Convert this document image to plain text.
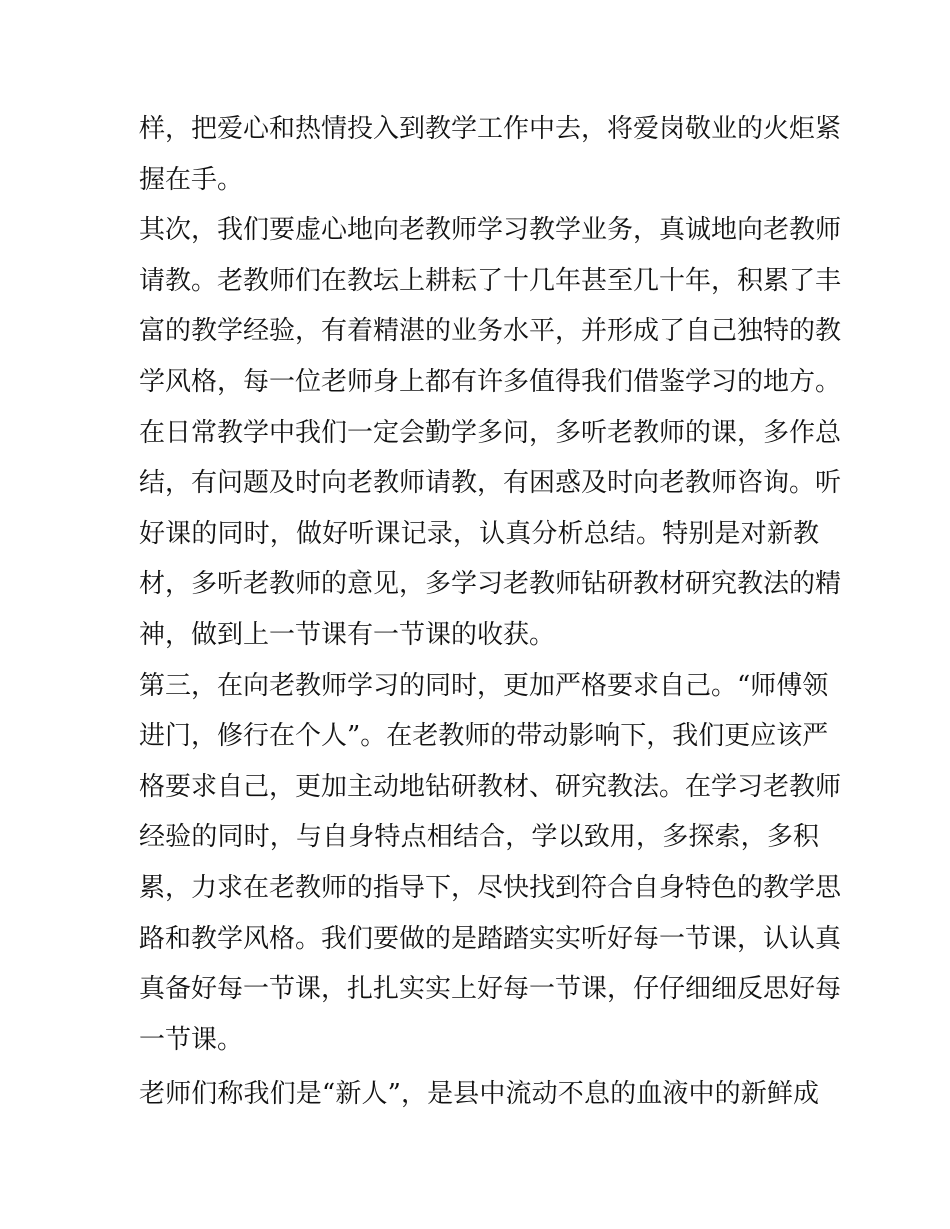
样，把爱心和热情投入到教学工作中去，将爱岗敬业的火炬紧
握在手。
其次，我们要虚心地向老教师学习教学业务，真诚地向老教师
请教。老教师们在教坛上耕耘了十几年甚至几十年，积累了丰
富的教学经验，有着精湛的业务水平，并形成了自己独特的教
学风格，每一位老师身上都有许多值得我们借鉴学习的地方。
在日常教学中我们一定会勤学多问，多听老教师的课，多作总
结，有问题及时向老教师请教，有困惑及时向老教师咨询。听
好课的同时，做好听课记录，认真分析总结。特别是对新教
材，多听老教师的意见，多学习老教师钻研教材研究教法的精
神，做到上一节课有一节课的收获。
第三，在向老教师学习的同时，更加严格要求自己。“师傅领
进门，修行在个人”。在老教师的带动影响下，我们更应该严
格要求自己，更加主动地钻研教材、研究教法。在学习老教师
经验的同时，与自身特点相结合，学以致用，多探索，多积
累，力求在老教师的指导下，尽快找到符合自身特色的教学思
路和教学风格。我们要做的是踏踏实实听好每一节课，认认真
真备好每一节课，扎扎实实上好每一节课，仔仔细细反思好每
一节课。
老师们称我们是“新人”，是县中流动不息的血液中的新鲜成
